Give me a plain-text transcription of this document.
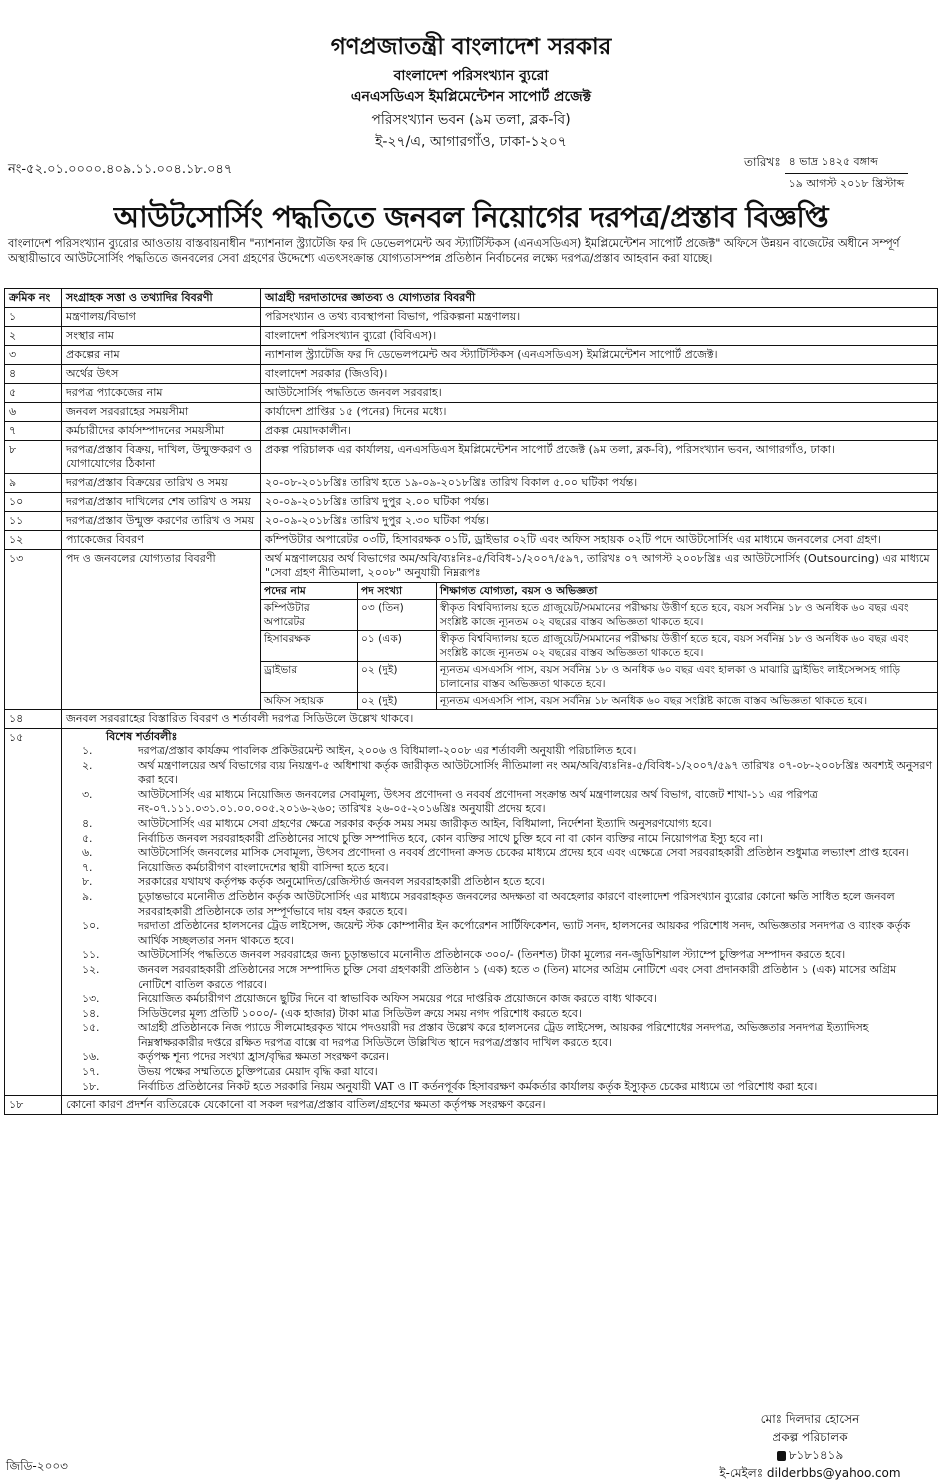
গণপ্রজাতন্ত্রী বাংলাদেশ সরকার
বাংলাদেশ পরিসংখ্যান ব্যুরো
এনএসডিএস ইমপ্লিমেন্টেশন সাপোর্ট প্রজেক্ট
পরিসংখ্যান ভবন (৯ম তলা, ব্লক-বি)
ই-২৭/এ, আগারগাঁও, ঢাকা-১২০৭
নং-৫২.০১.০০০০.৪০৯.১১.০০৪.১৮.০৪৭	তারিখঃ ৪ ভাদ্র ১৪২৫ বঙ্গাব্দ
১৯ আগস্ট ২০১৮ খ্রিস্টাব্দ
আউটসোর্সিং পদ্ধতিতে জনবল নিয়োগের দরপত্র/প্রস্তাব বিজ্ঞপ্তি
বাংলাদেশ পরিসংখ্যান ব্যুরোর আওতায় বাস্তবায়নাধীন "ন্যাশনাল স্ট্র্যাটেজি ফর দি ডেভেলপমেন্ট অব স্ট্যাটিস্টিকস (এনএসডিএস) ইমপ্লিমেন্টেশন সাপোর্ট প্রজেক্ট" অফিসে উন্নয়ন বাজেটের অধীনে সম্পূর্ণ অস্থায়ীভাবে আউটসোর্সিং পদ্ধতিতে জনবলের সেবা গ্রহণের উদ্দেশ্যে এতৎসংক্রান্ত যোগ্যতাসম্পন্ন প্রতিষ্ঠান নির্বাচনের লক্ষ্যে দরপত্র/প্রস্তাব আহবান করা যাচ্ছে।
ক্রমিক নং	সংগ্রাহক সত্তা ও তথ্যাদির বিবরণী	আগ্রহী দরদাতাদের জ্ঞাতব্য ও যোগ্যতার বিবরণী
১	মন্ত্রণালয়/বিভাগ	পরিসংখ্যান ও তথ্য ব্যবস্থাপনা বিভাগ, পরিকল্পনা মন্ত্রণালয়।
২	সংস্থার নাম	বাংলাদেশ পরিসংখ্যান ব্যুরো (বিবিএস)।
৩	প্রকল্পের নাম	ন্যাশনাল স্ট্র্যাটেজি ফর দি ডেভেলপমেন্ট অব স্ট্যাটিস্টিকস (এনএসডিএস) ইমপ্লিমেন্টেশন সাপোর্ট প্রজেক্ট।
৪	অর্থের উৎস	বাংলাদেশ সরকার (জিওবি)।
৫	দরপত্র প্যাকেজের নাম	আউটসোর্সিং পদ্ধতিতে জনবল সরবরাহ।
৬	জনবল সরবরাহের সময়সীমা	কার্যাদেশ প্রাপ্তির ১৫ (পনের) দিনের মধ্যে।
৭	কর্মচারীদের কার্যসম্পাদনের সময়সীমা	প্রকল্প মেয়াদকালীন।
৮	দরপত্র/প্রস্তাব বিক্রয়, দাখিল, উন্মুক্তকরণ ও যোগাযোগের ঠিকানা	প্রকল্প পরিচালক এর কার্যালয়, এনএসডিএস ইমপ্লিমেন্টেশন সাপোর্ট প্রজেক্ট (৯ম তলা, ব্লক-বি), পরিসংখ্যান ভবন, আগারগাঁও, ঢাকা।
৯	দরপত্র/প্রস্তাব বিক্রয়ের তারিখ ও সময়	২০-০৮-২০১৮খ্রিঃ তারিখ হতে ১৯-০৯-২০১৮খ্রিঃ তারিখ বিকাল ৫.০০ ঘটিকা পর্যন্ত।
১০	দরপত্র/প্রস্তাব দাখিলের শেষ তারিখ ও সময়	২০-০৯-২০১৮খ্রিঃ তারিখ দুপুর ২.০০ ঘটিকা পর্যন্ত।
১১	দরপত্র/প্রস্তাব উন্মুক্ত করণের তারিখ ও সময়	২০-০৯-২০১৮খ্রিঃ তারিখ দুপুর ২.৩০ ঘটিকা পর্যন্ত।
১২	প্যাকেজের বিবরণ	কম্পিউটার অপারেটর ০৩টি, হিসাবরক্ষক ০১টি, ড্রাইভার ০২টি এবং অফিস সহায়ক ০২টি পদে আউটসোর্সিং এর মাধ্যমে জনবলের সেবা গ্রহণ।
১৩	পদ ও জনবলের যোগ্যতার বিবরণী	অর্থ মন্ত্রণালয়ের অর্থ বিভাগের অম/অবি/ব্যঃনিঃ-৫/বিবিধ-১/২০০৭/৫৯৭, তারিখঃ ০৭ আগস্ট ২০০৮খ্রিঃ এর আউটসোর্সিং (Outsourcing) এর মাধ্যমে "সেবা গ্রহণ নীতিমালা, ২০০৮" অনুযায়ী নিম্নরূপঃ
পদের নাম	পদ সংখ্যা	শিক্ষাগত যোগ্যতা, বয়স ও অভিজ্ঞতা
কম্পিউটার অপারেটর	০৩ (তিন)	স্বীকৃত বিশ্ববিদ্যালয় হতে গ্রাজুয়েট/সমমানের পরীক্ষায় উত্তীর্ণ হতে হবে, বয়স সর্বনিম্ন ১৮ ও অনধিক ৬০ বছর এবং সংশ্লিষ্ট কাজে ন্যূনতম ০২ বছরের বাস্তব অভিজ্ঞতা থাকতে হবে।
হিসাবরক্ষক	০১ (এক)	স্বীকৃত বিশ্ববিদ্যালয় হতে গ্রাজুয়েট/সমমানের পরীক্ষায় উত্তীর্ণ হতে হবে, বয়স সর্বনিম্ন ১৮ ও অনধিক ৬০ বছর এবং সংশ্লিষ্ট কাজে ন্যূনতম ০২ বছরের বাস্তব অভিজ্ঞতা থাকতে হবে।
ড্রাইভার	০২ (দুই)	ন্যূনতম এসএসসি পাস, বয়স সর্বনিম্ন ১৮ ও অনধিক ৬০ বছর এবং হালকা ও মাঝারি ড্রাইভিং লাইসেন্সসহ গাড়ি চালানোর বাস্তব অভিজ্ঞতা থাকতে হবে।
অফিস সহায়ক	০২ (দুই)	ন্যূনতম এসএসসি পাস, বয়স সর্বনিম্ন ১৮ অনধিক ৬০ বছর সংশ্লিষ্ট কাজে বাস্তব অভিজ্ঞতা থাকতে হবে।

১৪	জনবল সরবরাহের বিস্তারিত বিবরণ ও শর্তাবলী দরপত্র সিডিউলে উল্লেখ থাকবে।
১৫	বিশেষ শর্তাবলীঃ
১.	দরপত্র/প্রস্তাব কার্যক্রম পাবলিক প্রকিউরমেন্ট আইন, ২০০৬ ও বিধিমালা-২০০৮ এর শর্তাবলী অনুযায়ী পরিচালিত হবে।
২.	অর্থ মন্ত্রণালয়ের অর্থ বিভাগের ব্যয় নিয়ন্ত্রণ-৫ অধিশাখা কর্তৃক জারীকৃত আউটসোর্সিং নীতিমালা নং অম/অবি/ব্যঃনিঃ-৫/বিবিধ-১/২০০৭/৫৯৭ তারিখঃ ০৭-০৮-২০০৮খ্রিঃ অবশ্যই অনুসরণ করা হবে।
৩.	আউটসোর্সিং এর মাধ্যমে নিয়োজিত জনবলের সেবামূল্য, উৎসব প্রণোদনা ও নববর্ষ প্রণোদনা সংক্রান্ত অর্থ মন্ত্রণালয়ের অর্থ বিভাগ, বাজেট শাখা-১১ এর পরিপত্র নং-০৭.১১১.০৩১.০১.০০.০০৫.২০১৬-২৬০; তারিখঃ ২৬-০৫-২০১৬খ্রিঃ অনুযায়ী প্রদেয় হবে।
৪.	আউটসোর্সিং এর মাধ্যমে সেবা গ্রহণের ক্ষেত্রে সরকার কর্তৃক সময় সময় জারীকৃত আইন, বিধিমালা, নির্দেশনা ইত্যাদি অনুসরণযোগ্য হবে।
৫.	নির্বাচিত জনবল সরবরাহকারী প্রতিষ্ঠানের সাথে চুক্তি সম্পাদিত হবে, কোন ব্যক্তির সাথে চুক্তি হবে না বা কোন ব্যক্তির নামে নিয়োগপত্র ইস্যু হবে না।
৬.	আউটসোর্সিং জনবলের মাসিক সেবামূল্য, উৎসব প্রণোদনা ও নববর্ষ প্রণোদনা ক্রসড চেকের মাধ্যমে প্রদেয় হবে এবং এক্ষেত্রে সেবা সরবরাহকারী প্রতিষ্ঠান শুধুমাত্র লভ্যাংশ প্রাপ্ত হবেন।
৭.	নিয়োজিত কর্মচারীগণ বাংলাদেশের স্থায়ী বাসিন্দা হতে হবে।
৮.	সরকারের যথাযথ কর্তৃপক্ষ কর্তৃক অনুমোদিত/রেজিস্টার্ড জনবল সরবরাহকারী প্রতিষ্ঠান হতে হবে।
৯.	চূড়ান্তভাবে মনোনীত প্রতিষ্ঠান কর্তৃক আউটসোর্সিং এর মাধ্যমে সরবরাহকৃত জনবলের অদক্ষতা বা অবহেলার কারণে বাংলাদেশ পরিসংখ্যান ব্যুরোর কোনো ক্ষতি সাধিত হলে জনবল সরবরাহকারী প্রতিষ্ঠানকে তার সম্পূর্ণভাবে দায় বহন করতে হবে।
১০.	দরদাতা প্রতিষ্ঠানের হালসনের ট্রেড লাইসেন্স, জয়েন্ট স্টক কোম্পানীর ইন কর্পোরেশন সার্টিফিকেশন, ভ্যাট সনদ, হালসনের আয়কর পরিশোধ সনদ, অভিজ্ঞতার সনদপত্র ও ব্যাংক কর্তৃক আর্থিক সচ্ছলতার সনদ থাকতে হবে।
১১.	আউটসোর্সিং পদ্ধতিতে জনবল সরবরাহের জন্য চূড়ান্তভাবে মনোনীত প্রতিষ্ঠানকে ৩০০/- (তিনশত) টাকা মূল্যের নন-জুডিশিয়াল স্ট্যাম্পে চুক্তিপত্র সম্পাদন করতে হবে।
১২.	জনবল সরবরাহকারী প্রতিষ্ঠানের সঙ্গে সম্পাদিত চুক্তি সেবা গ্রহণকারী প্রতিষ্ঠান ১ (এক) হতে ৩ (তিন) মাসের অগ্রিম নোটিশে এবং সেবা প্রদানকারী প্রতিষ্ঠান ১ (এক) মাসের অগ্রিম নোটিশে বাতিল করতে পারবে।
১৩.	নিয়োজিত কর্মচারীগণ প্রয়োজনে ছুটির দিনে বা স্বাভাবিক অফিস সময়ের পরে দাপ্তরিক প্রয়োজনে কাজ করতে বাধ্য থাকবে।
১৪.	সিডিউলের মূল্য প্রতিটি ১০০০/- (এক হাজার) টাকা মাত্র সিডিউল ক্রয়ে সময় নগদ পরিশোধ করতে হবে।
১৫.	আগ্রহী প্রতিষ্ঠানকে নিজ প্যাডে সীলমোহরকৃত খামে পদওয়ারী দর প্রস্তাব উল্লেখ করে হালসনের ট্রেড লাইসেন্স, আয়কর পরিশোধের সনদপত্র, অভিজ্ঞতার সনদপত্র ইত্যাদিসহ নিম্নস্বাক্ষরকারীর দপ্তরে রক্ষিত দরপত্র বাক্সে বা দরপত্র সিডিউলে উল্লিখিত স্থানে দরপত্র/প্রস্তাব দাখিল করতে হবে।
১৬.	কর্তৃপক্ষ শূন্য পদের সংখ্যা হ্রাস/বৃদ্ধির ক্ষমতা সংরক্ষণ করেন।
১৭.	উভয় পক্ষের সম্মতিতে চুক্তিপত্রের মেয়াদ বৃদ্ধি করা যাবে।
১৮.	নির্বাচিত প্রতিষ্ঠানের নিকট হতে সরকারি নিয়ম অনুযায়ী VAT ও IT কর্তনপূর্বক হিসাবরক্ষণ কর্মকর্তার কার্যালয় কর্তৃক ইস্যুকৃত চেকের মাধ্যমে তা পরিশোধ করা হবে।

১৮	কোনো কারণ প্রদর্শন ব্যতিরেকে যেকোনো বা সকল দরপত্র/প্রস্তাব বাতিল/গ্রহণের ক্ষমতা কর্তৃপক্ষ সংরক্ষণ করেন।
মোঃ দিলদার হোসেন
প্রকল্প পরিচালক
৮১৮১৪১৯
ই-মেইলঃ dilderbbs@yahoo.com
জিডি-২০০৩
